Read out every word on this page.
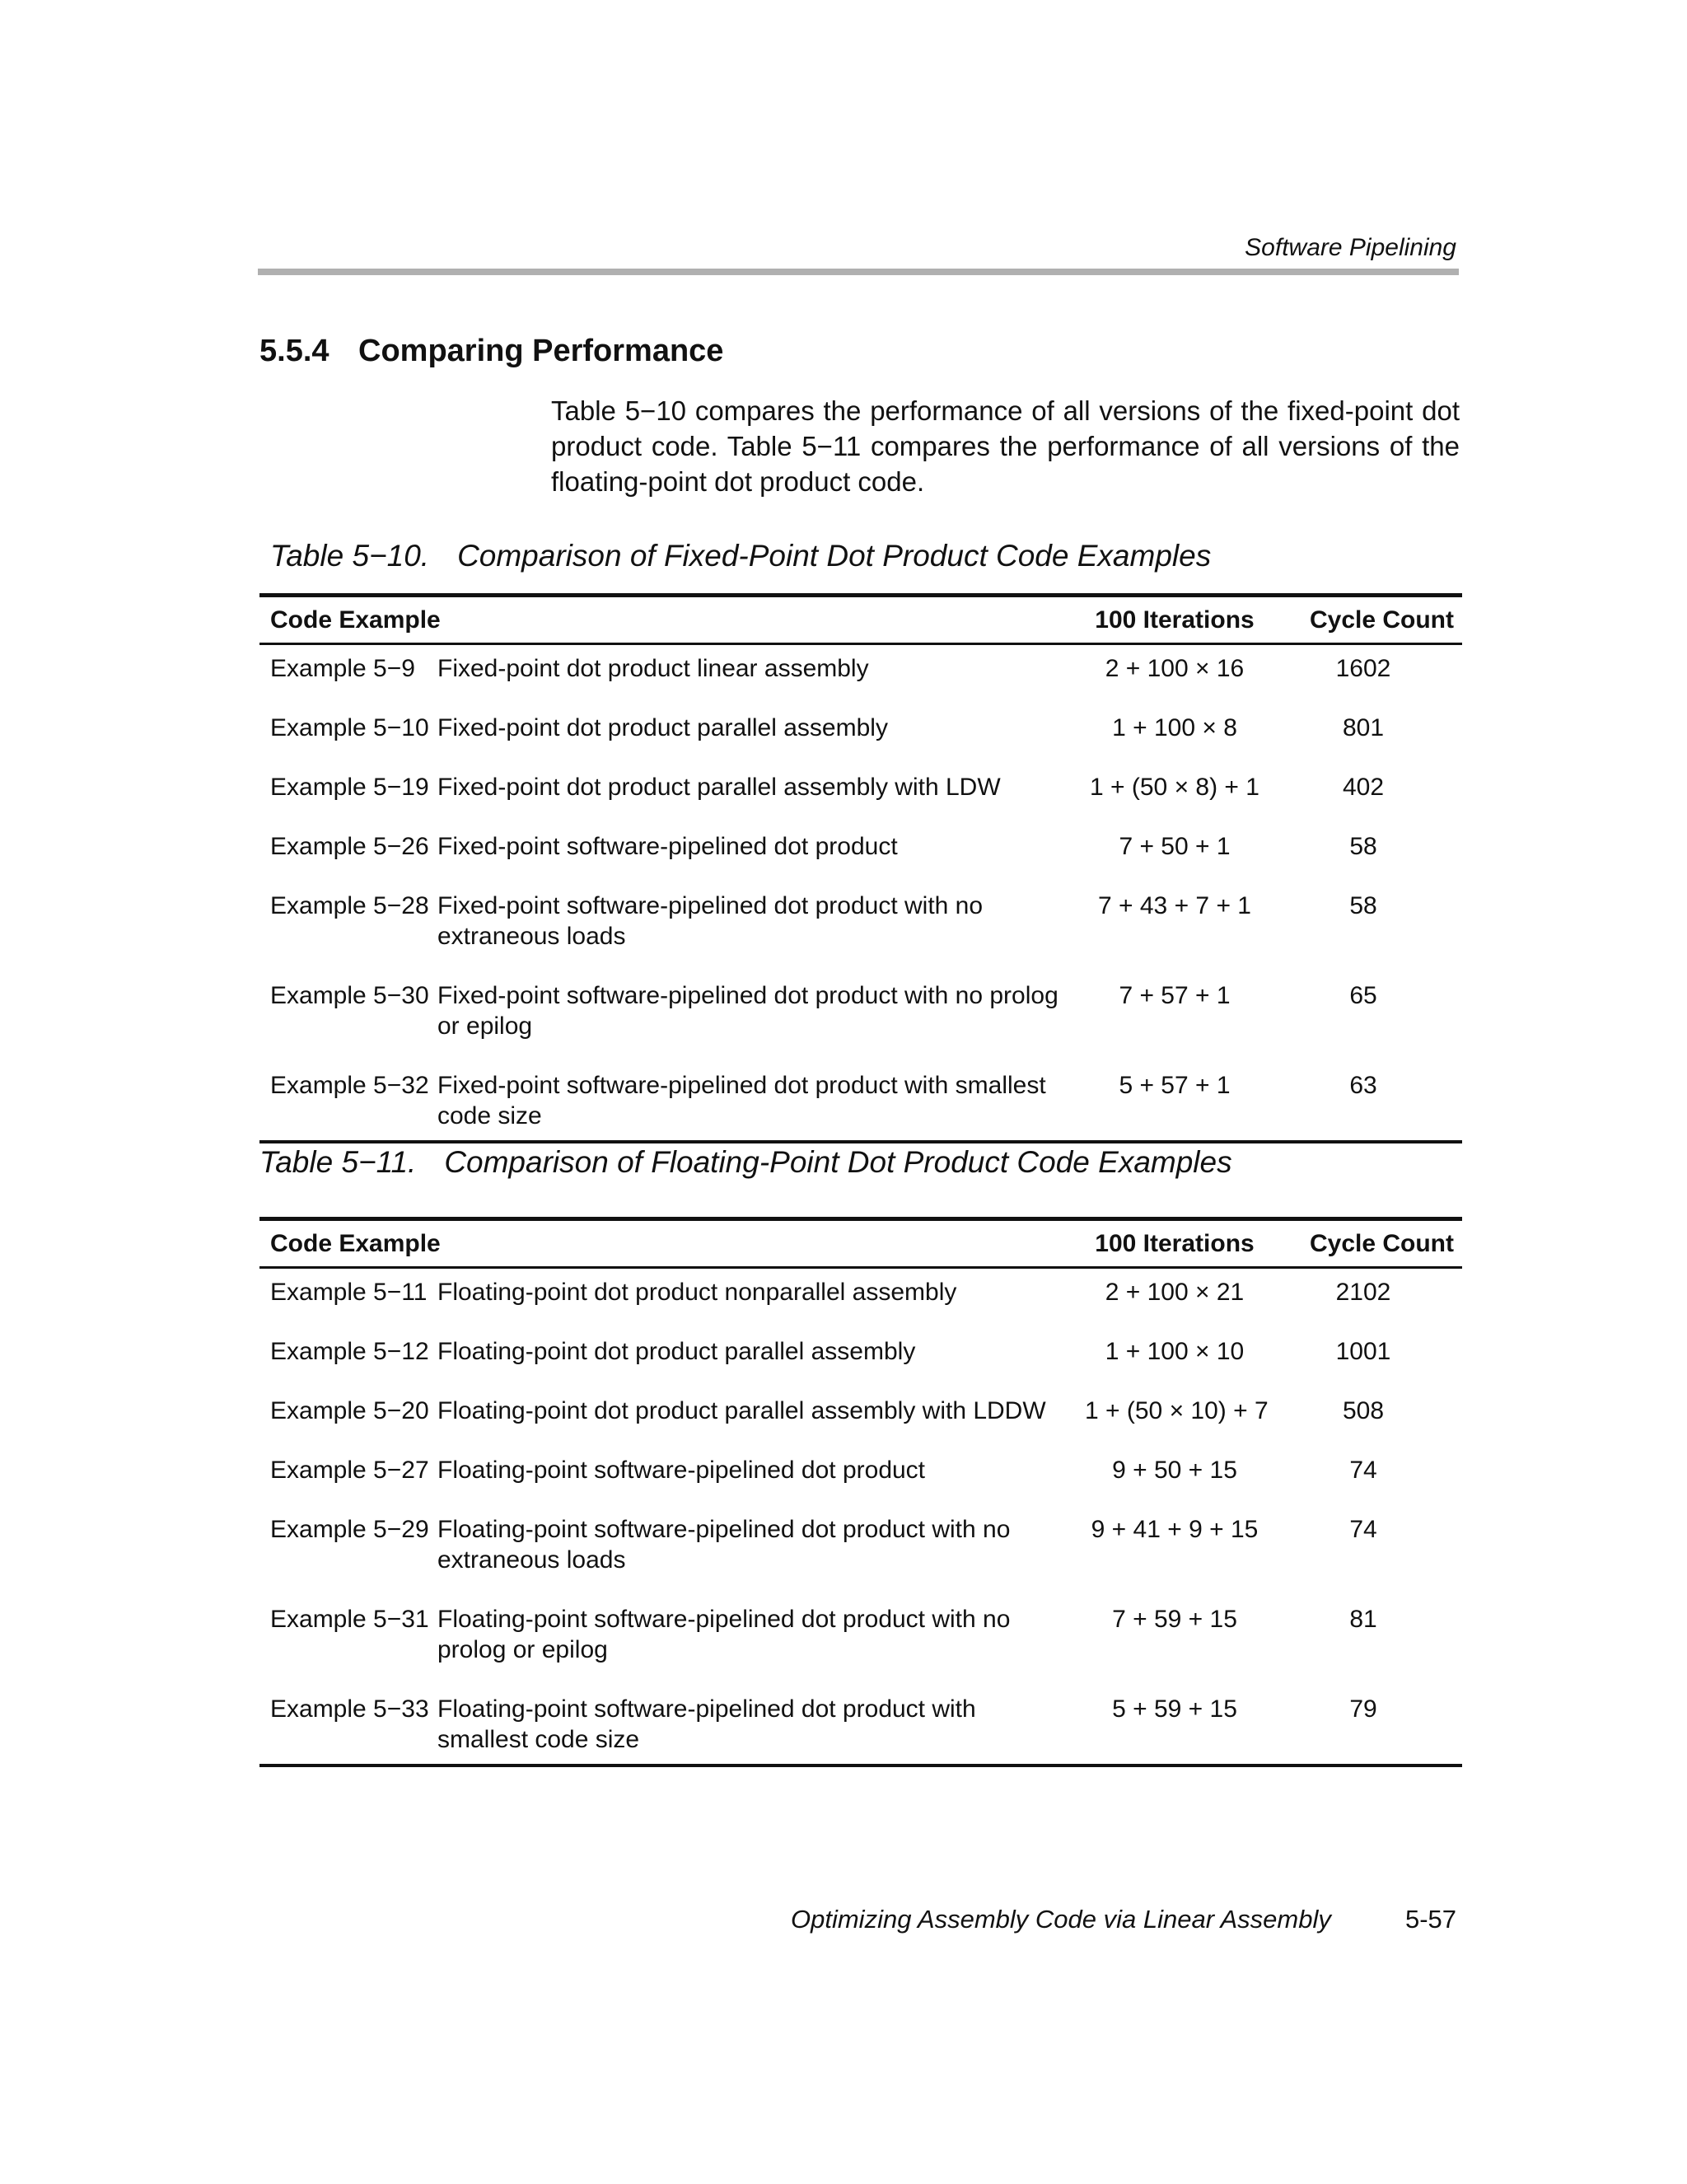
Software Pipelining
5.5.4 Comparing Performance

Table 5−10 compares the performance of all versions of the fixed-point dot product code. Table 5−11 compares the performance of all versions of the floating-point dot product code.

Table 5−10. Comparison of Fixed-Point Dot Product Code Examples
Code Example		100 Iterations	Cycle Count
Example 5−9	Fixed-point dot product linear assembly	2 + 100 × 16	1602
Example 5−10	Fixed-point dot product parallel assembly	1 + 100 × 8	801
Example 5−19	Fixed-point dot product parallel assembly with LDW	1 + (50 × 8) + 1	402
Example 5−26	Fixed-point software-pipelined dot product	7 + 50 + 1	58
Example 5−28	Fixed-point software-pipelined dot product with no extraneous loads	7 + 43 + 7 + 1	58
Example 5−30	Fixed-point software-pipelined dot product with no prolog or epilog	7 + 57 + 1	65
Example 5−32	Fixed-point software-pipelined dot product with smallest code size	5 + 57 + 1	63
Table 5−11. Comparison of Floating-Point Dot Product Code Examples
Code Example		100 Iterations	Cycle Count
Example 5−11	Floating-point dot product nonparallel assembly	2 + 100 × 21	2102
Example 5−12	Floating-point dot product parallel assembly	1 + 100 × 10	1001
Example 5−20	Floating-point dot product parallel assembly with LDDW	1 + (50 × 10) + 7	508
Example 5−27	Floating-point software-pipelined dot product	9 + 50 + 15	74
Example 5−29	Floating-point software-pipelined dot product with no extraneous loads	9 + 41 + 9 + 15	74
Example 5−31	Floating-point software-pipelined dot product with no prolog or epilog	7 + 59 + 15	81
Example 5−33	Floating-point software-pipelined dot product with smallest code size	5 + 59 + 15	79
Optimizing Assembly Code via Linear Assembly	5-57
